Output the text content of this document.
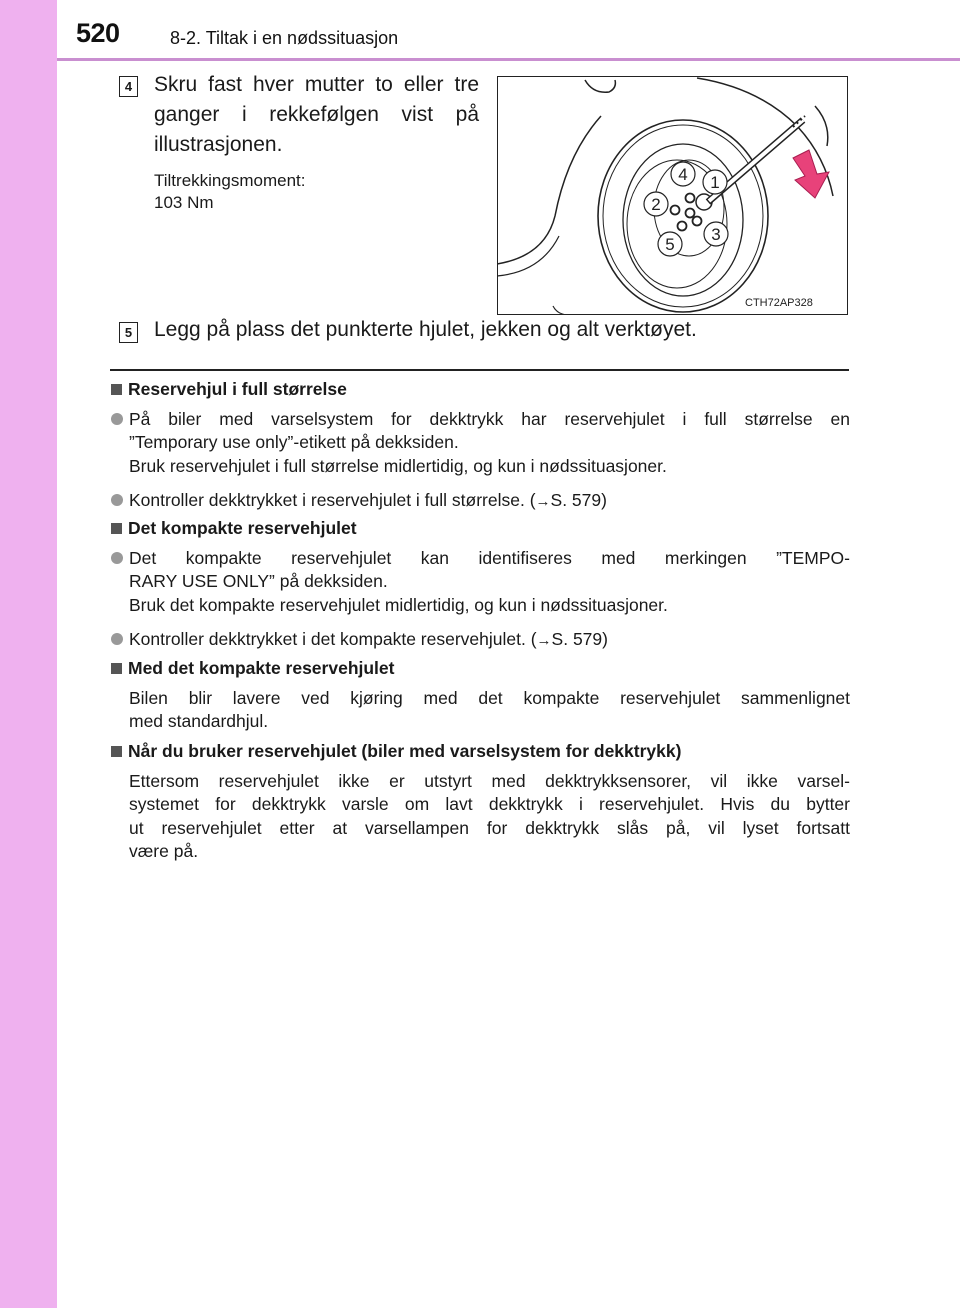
520	8-2. Tiltak i en nødssituasjon
4 Skru fast hver mutter to eller tre
ganger i rekkefølgen vist på
illustrasjonen.
Tiltrekkingsmoment:
103 Nm
1
4
2
3
5
CTH72AP328
5 Legg på plass det punkterte hjulet, jekken og alt verktøyet.
Reservehjul i full størrelse
På biler med varselsystem for dekktrykk har reservehjulet i full størrelse en
”Temporary use only”-etikett på dekksiden.
Bruk reservehjulet i full størrelse midlertidig, og kun i nødssituasjoner.
Kontroller dekktrykket i reservehjulet i full størrelse. (→S. 579)
Det kompakte reservehjulet
Det kompakte reservehjulet kan identifiseres med merkingen ”TEMPO-
RARY USE ONLY” på dekksiden.
Bruk det kompakte reservehjulet midlertidig, og kun i nødssituasjoner.
Kontroller dekktrykket i det kompakte reservehjulet. (→S. 579)
Med det kompakte reservehjulet
Bilen blir lavere ved kjøring med det kompakte reservehjulet sammenlignet
med standardhjul.
Når du bruker reservehjulet (biler med varselsystem for dekktrykk)
Ettersom reservehjulet ikke er utstyrt med dekktrykksensorer, vil ikke varsel-
systemet for dekktrykk varsle om lavt dekktrykk i reservehjulet. Hvis du bytter
ut reservehjulet etter at varsellampen for dekktrykk slås på, vil lyset fortsatt
være på.
